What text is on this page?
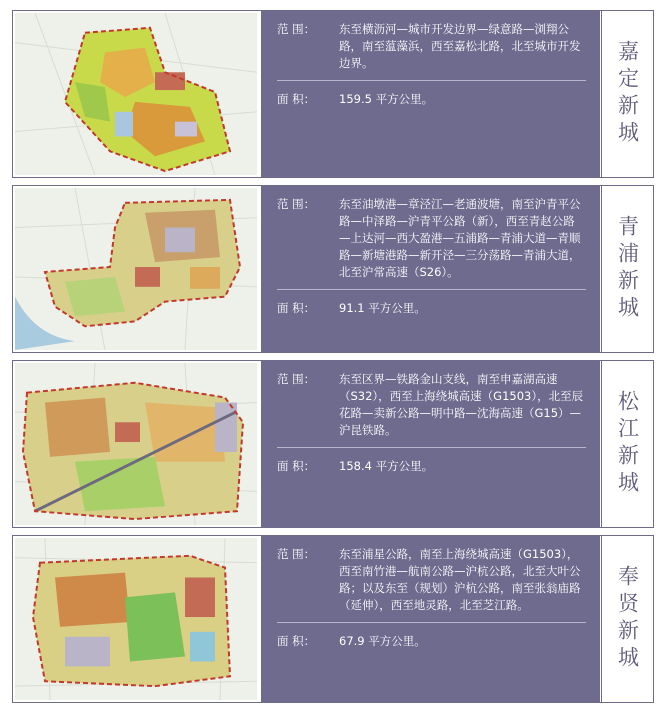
范 围：	东至横沥河—城市开发边界—绿意路—浏翔公路，南至蕰藻浜，西至嘉松北路，北至城市开发边界。
面 积：	159.5 平方公里。	嘉定新城
范 围：	东至油墩港—章泾江—老通波塘，南至沪青平公路—中泽路—沪青平公路（新），西至青赵公路—上达河—西大盈港—五浦路—青浦大道—青顺路—新塘港路—新开泾—三分荡路—青浦大道，北至沪常高速（S26）。
面 积：	91.1 平方公里。	青浦新城
范 围：	东至区界—铁路金山支线，南至申嘉湖高速（S32），西至上海绕城高速（G1503），北至辰花路—卖新公路—明中路—沈海高速（G15）—沪昆铁路。
面 积：	158.4 平方公里。	松江新城
范 围：	东至浦星公路，南至上海绕城高速（G1503），西至南竹港—航南公路—沪杭公路，北至大叶公路；以及东至（规划）沪杭公路，南至张翁庙路（延伸），西至地灵路，北至芝江路。
面 积：	67.9 平方公里。	奉贤新城
